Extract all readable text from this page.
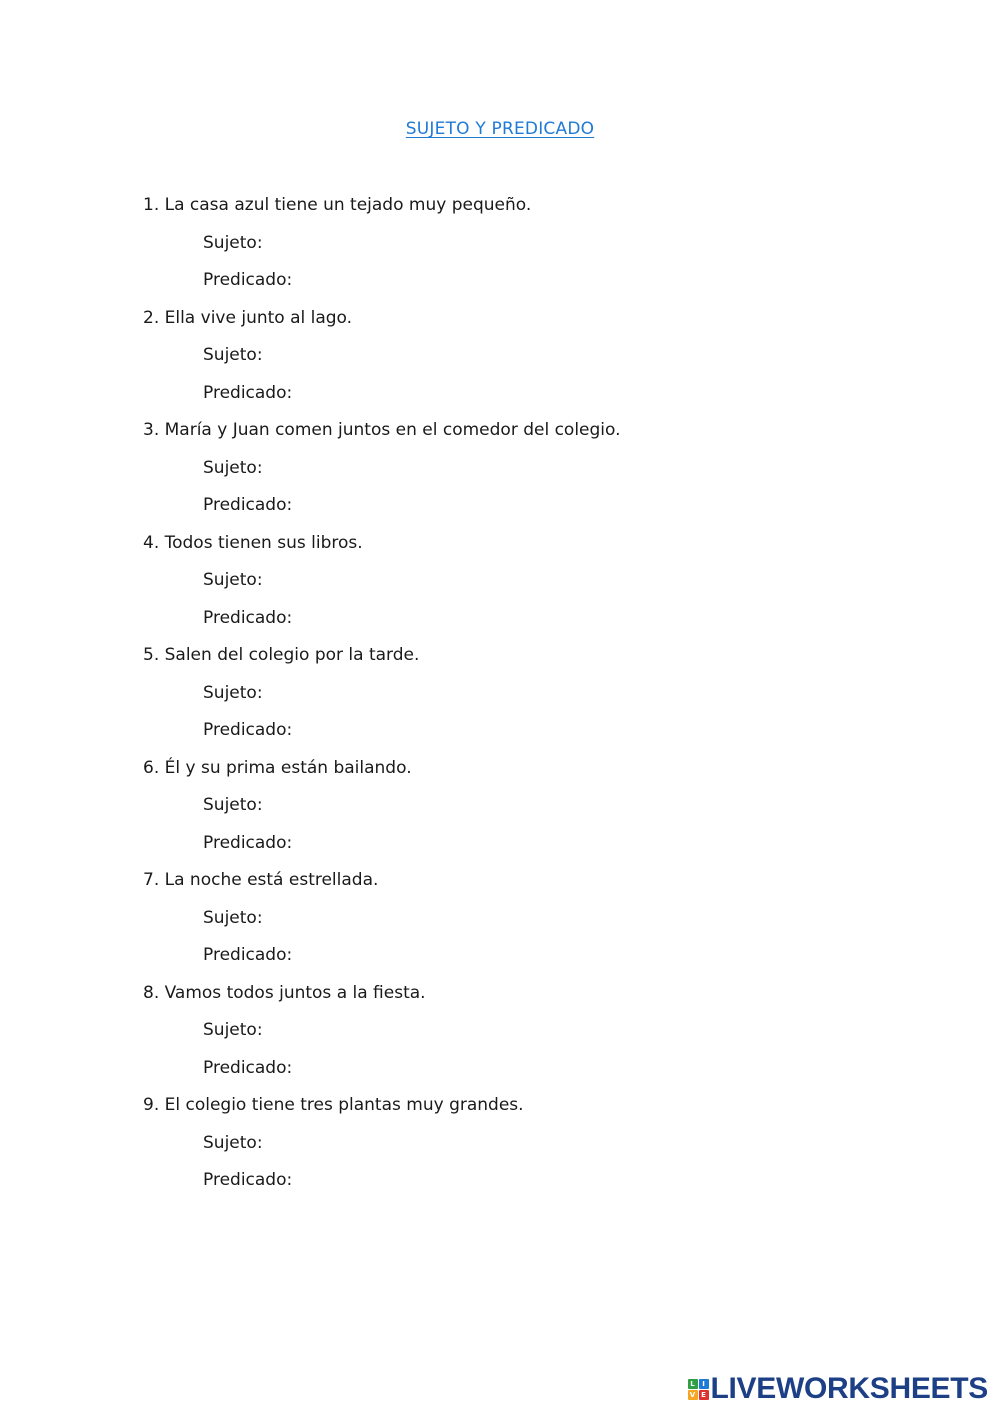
SUJETO Y PREDICADO
1. La casa azul tiene un tejado muy pequeño.
Sujeto:
Predicado:
2. Ella vive junto al lago.
Sujeto:
Predicado:
3. María y Juan comen juntos en el comedor del colegio.
Sujeto:
Predicado:
4. Todos tienen sus libros.
Sujeto:
Predicado:
5. Salen del colegio por la tarde.
Sujeto:
Predicado:
6. Él y su prima están bailando.
Sujeto:
Predicado:
7. La noche está estrellada.
Sujeto:
Predicado:
8. Vamos todos juntos a la fiesta.
Sujeto:
Predicado:
9. El colegio tiene tres plantas muy grandes.
Sujeto:
Predicado:
L	I
V E LIVEWORKSHEETS
